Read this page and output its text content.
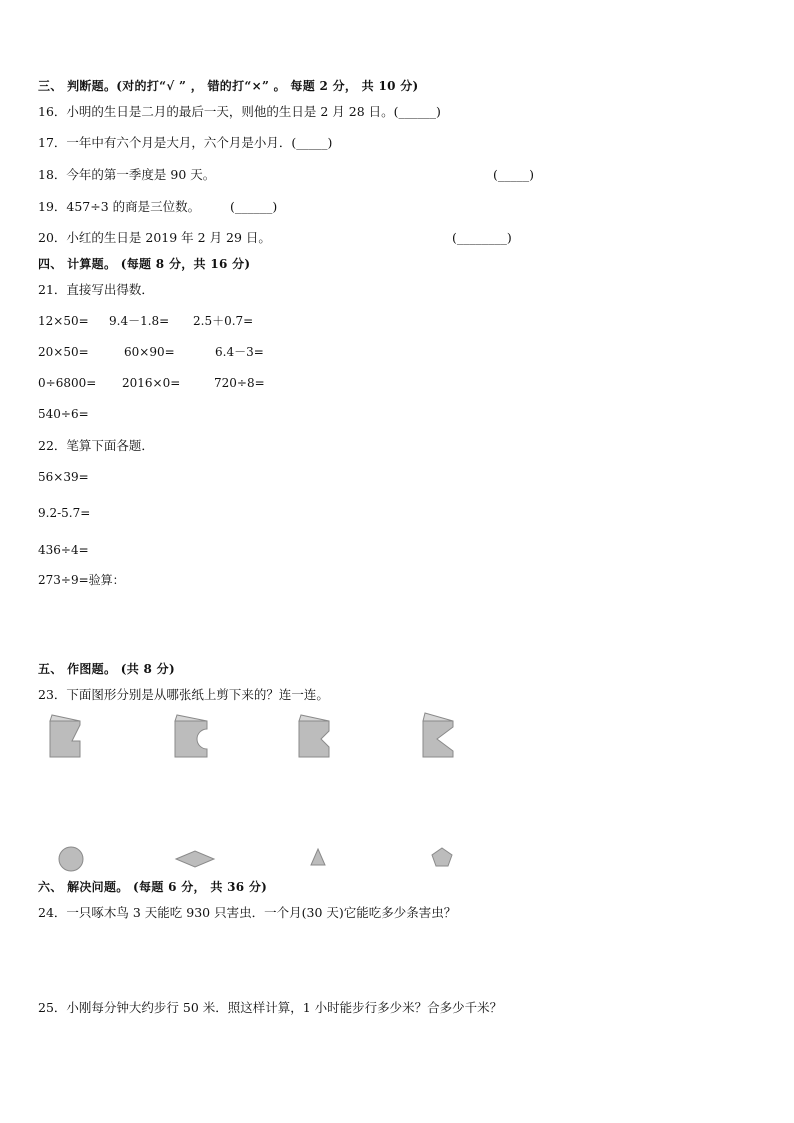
三、 判断题。(对的打“√ ” ， 错的打“×” 。 每题 2 分， 共 10 分)
16．小明的生日是二月的最后一天，则他的生日是 2 月 28 日。(______)
17．一年中有六个月是大月，六个月是小月．(_____)
18．今年的第一季度是 90 天。	(_____)
19．457÷3 的商是三位数。 (______)
20．小红的生日是 2019 年 2 月 29 日。	(________)
四、 计算题。 (每题 8 分，共 16 分)
21．直接写出得数．
12×50= 9.4－1.8= 2.5＋0.7=
20×50=	60×90=	6.4－3=
0÷6800= 2016×0=	720÷8=
540÷6=
22．笔算下面各题．
56×39=
9.2-5.7=
436÷4=
273÷9=验算：
五、 作图题。 (共 8 分)
23．下面图形分别是从哪张纸上剪下来的？连一连。
六、 解决问题。 (每题 6 分， 共 36 分)
24．一只啄木鸟 3 天能吃 930 只害虫．一个月(30 天)它能吃多少条害虫？
25．小刚每分钟大约步行 50 米．照这样计算，1 小时能步行多少米？合多少千米？
